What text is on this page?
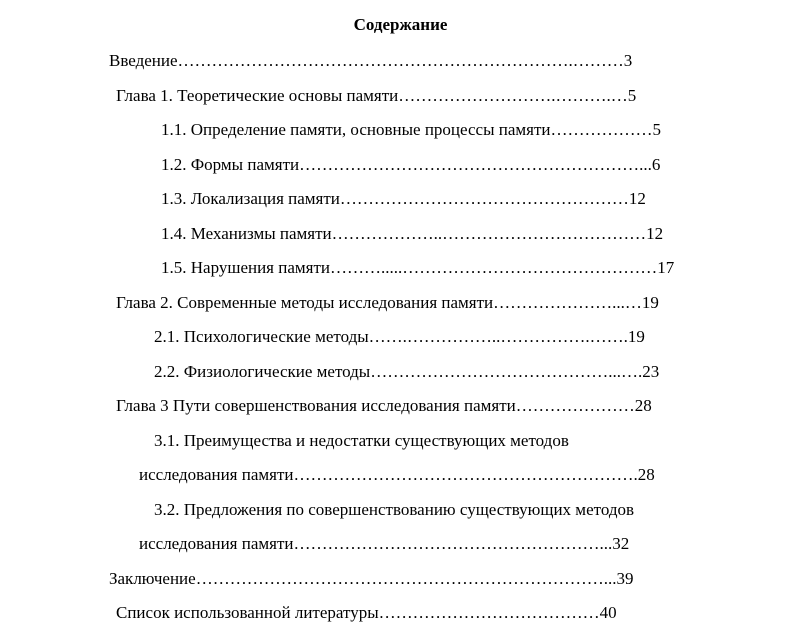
Содержание
Введение…………………………………………………………….………3
Глава 1. Теоретические основы памяти……………………….……….…5
1.1. Определение памяти, основные процессы памяти………………5
1.2. Формы памяти……………………………………………………...6
1.3. Локализация памяти……………………………………………12
1.4. Механизмы памяти………………..………………………………12
1.5. Нарушения памяти……….....………………………………………17
Глава 2. Современные методы исследования памяти…………………...…19
2.1. Психологические методы…….……………..…………….…….19
2.2. Физиологические методы……………………………………...….23
Глава 3 Пути совершенствования исследования памяти…………………28
3.1. Преимущества и недостатки существующих методов
исследования памяти…………………………………………………….28
3.2. Предложения по совершенствованию существующих методов
исследования памяти………………………………………………...32
Заключение………………………………………………………………...39
Список использованной литературы…………………………………40
